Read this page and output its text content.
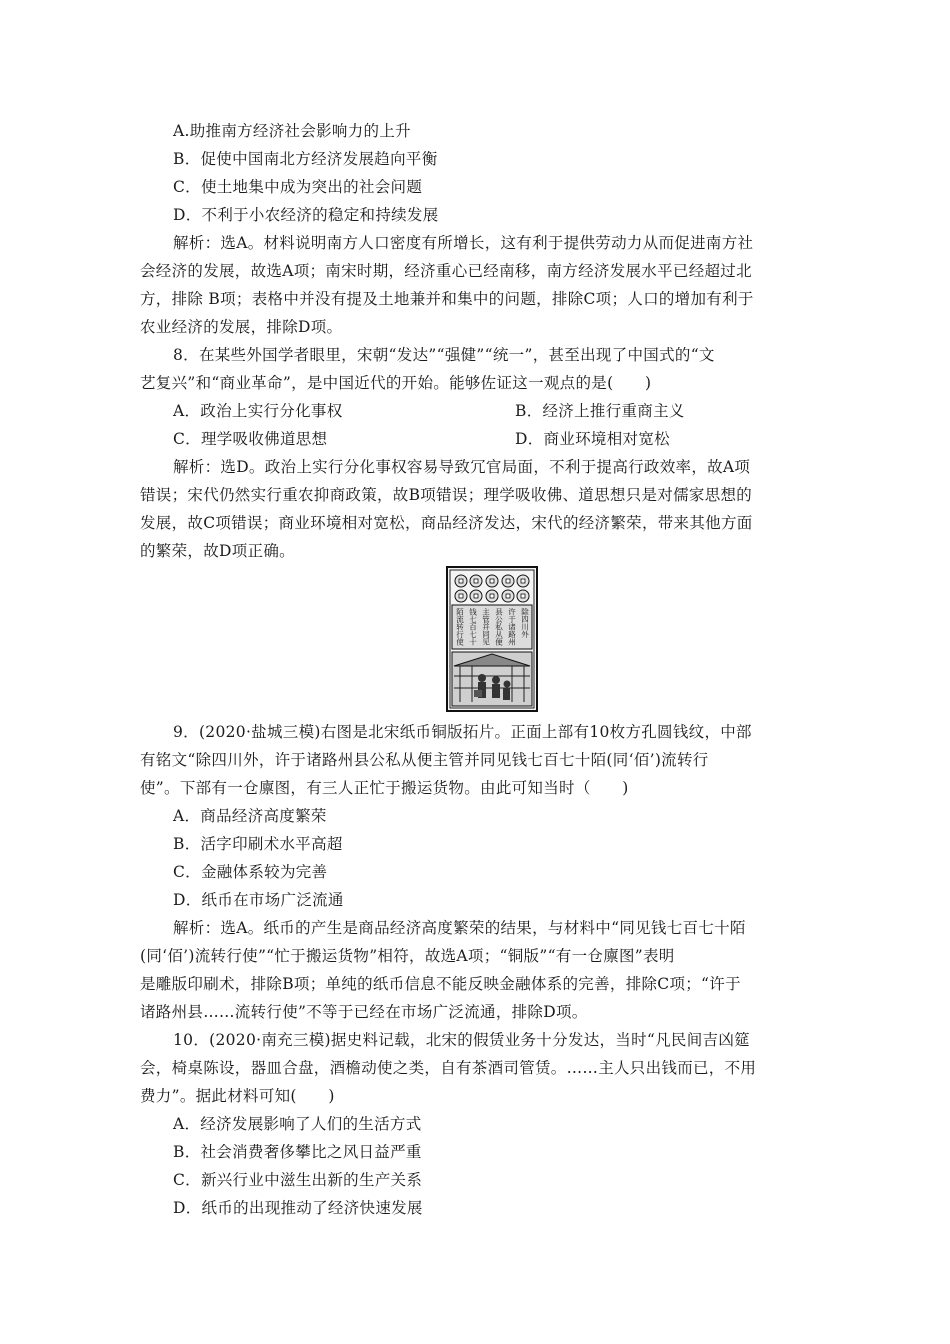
A.助推南方经济社会影响力的上升
B．促使中国南北方经济发展趋向平衡
C．使土地集中成为突出的社会问题
D．不利于小农经济的稳定和持续发展
解析：选A。材料说明南方人口密度有所增长，这有利于提供劳动力从而促进南方社
会经济的发展，故选A项；南宋时期，经济重心已经南移，南方经济发展水平已经超过北
方，排除 B项；表格中并没有提及土地兼并和集中的问题，排除C项；人口的增加有利于
农业经济的发展，排除D项。
8．在某些外国学者眼里，宋朝“发达”“强健”“统一”，甚至出现了中国式的“文
艺复兴”和“商业革命”，是中国近代的开始。能够佐证这一观点的是(　　)
A．政治上实行分化事权	B．经济上推行重商主义
C．理学吸收佛道思想	D．商业环境相对宽松
解析：选D。政治上实行分化事权容易导致冗官局面，不利于提高行政效率，故A项
错误；宋代仍然实行重农抑商政策，故B项错误；理学吸收佛、道思想只是对儒家思想的
发展，故C项错误；商业环境相对宽松，商品经济发达，宋代的经济繁荣，带来其他方面
的繁荣，故D项正确。
除四川外
许于诸路州
县公私从便
主管并同见
钱七百七十
陌流转行使
9．(2020·盐城三模)右图是北宋纸币铜版拓片。正面上部有10枚方孔圆钱纹，中部
有铭文“除四川外，许于诸路州县公私从便主管并同见钱七百七十陌(同‘佰’)流转行
使”。下部有一仓廪图，有三人正忙于搬运货物。由此可知当时（　　)
A．商品经济高度繁荣
B．活字印刷术水平高超
C．金融体系较为完善
D．纸币在市场广泛流通
解析：选A。纸币的产生是商品经济高度繁荣的结果，与材料中“同见钱七百七十陌
(同‘佰’)流转行使”“忙于搬运货物”相符，故选A项；“铜版”“有一仓廪图”表明
是雕版印刷术，排除B项；单纯的纸币信息不能反映金融体系的完善，排除C项；“许于
诸路州县……流转行使”不等于已经在市场广泛流通，排除D项。
10．(2020·南充三模)据史料记载，北宋的假赁业务十分发达，当时“凡民间吉凶筵
会，椅桌陈设，器皿合盘，酒檐动使之类，自有茶酒司管赁。……主人只出钱而已，不用
费力”。据此材料可知(　　)
A．经济发展影响了人们的生活方式
B．社会消费奢侈攀比之风日益严重
C．新兴行业中滋生出新的生产关系
D．纸币的出现推动了经济快速发展
